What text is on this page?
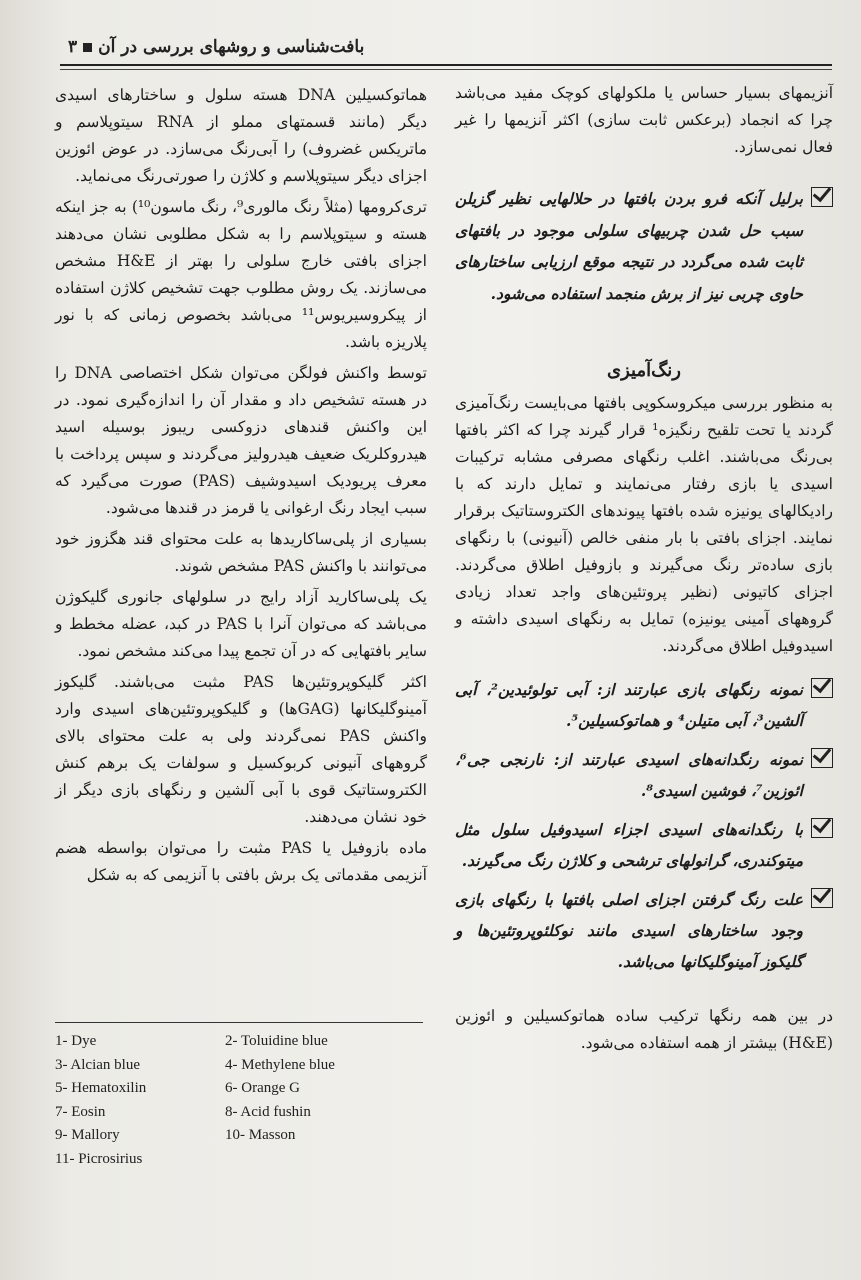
بافت‌شناسی و روشهای بررسی در آن
۳

آنزیمهای بسیار حساس یا ملکولهای کوچک مفید می‌باشد چرا که انجماد (برعکس ثابت سازی) اکثر آنزیمها را غیر فعال نمی‌سازد.

برلیل آنکه فرو بردن بافتها در حلالهایی نظیر گزیلن سبب حل شدن چربیهای سلولی موجود در بافتهای ثابت شده می‌گردد در نتیجه موقع ارزیابی ساختارهای حاوی چربی نیز از برش منجمد استفاده می‌شود.
رنگ‌آمیزی

به منظور بررسی میکروسکوپی بافتها می‌بایست رنگ‌آمیزی گردند یا تحت تلقیح رنگیزه¹ قرار گیرند چرا که اکثر بافتها بی‌رنگ می‌باشند. اغلب رنگهای مصرفی مشابه ترکیبات اسیدی یا بازی رفتار می‌نمایند و تمایل دارند که با رادیکالهای یونیزه شده بافتها پیوندهای الکتروستاتیک برقرار نمایند. اجزای بافتی با بار منفی خالص (آنیونی) با رنگهای بازی ساده‌تر رنگ می‌گیرند و بازوفیل اطلاق می‌گردند. اجزای کاتیونی (نظیر پروتئین‌های واجد تعداد زیادی گروههای آمینی یونیزه) تمایل به رنگهای اسیدی داشته و اسیدوفیل اطلاق می‌گردند.

نمونه رنگهای بازی عبارتند از: آبی تولوئیدین²، آبی آلشین³، آبی متیلن⁴ و هماتوکسیلین⁵.
نمونه رنگدانه‌های اسیدی عبارتند از: نارنجی جی⁶، ائوزین⁷، فوشین اسیدی⁸.
با رنگدانه‌های اسیدی اجزاء اسیدوفیل سلول مثل میتوکندری، گرانولهای ترشحی و کلاژن رنگ می‌گیرند.
علت رنگ گرفتن اجزای اصلی بافتها با رنگهای بازی وجود ساختارهای اسیدی مانند نوکلئوپروتئین‌ها و گلیکوز آمینوگلیکانها می‌باشد.

در بین همه رنگها ترکیب ساده هماتوکسیلین و ائوزین (H&E) بیشتر از همه استفاده می‌شود.

هماتوکسیلین DNA هسته سلول و ساختارهای اسیدی دیگر (مانند قسمتهای مملو از RNA سیتوپلاسم و ماتریکس غضروف) را آبی‌رنگ می‌سازد. در عوض ائوزین اجزای دیگر سیتوپلاسم و کلاژن را صورتی‌رنگ می‌نماید.

تری‌کرومها (مثلاً رنگ مالوری⁹، رنگ ماسون¹⁰) به جز اینکه هسته و سیتوپلاسم را به شکل مطلوبی نشان می‌دهند اجزای بافتی خارج سلولی را بهتر از H&E مشخص می‌سازند. یک روش مطلوب جهت تشخیص کلاژن استفاده از پیکروسیریوس¹¹ می‌باشد بخصوص زمانی که با نور پلاریزه باشد.

توسط واکنش فولگن می‌توان شکل اختصاصی DNA را در هسته تشخیص داد و مقدار آن را اندازه‌گیری نمود. در این واکنش قندهای دزوکسی ریبوز بوسیله اسید هیدروکلریک ضعیف هیدرولیز می‌گردند و سپس پرداخت با معرف پریودیک اسیدوشیف (PAS) صورت می‌گیرد که سبب ایجاد رنگ ارغوانی یا قرمز در قندها می‌شود.

بسیاری از پلی‌ساکاریدها به علت محتوای قند هگزوز خود می‌توانند با واکنش PAS مشخص شوند.

یک پلی‌ساکارید آزاد رایج در سلولهای جانوری گلیکوژن می‌باشد که می‌توان آنرا با PAS در کبد، عضله مخطط و سایر بافتهایی که در آن تجمع پیدا می‌کند مشخص نمود.

اکثر گلیکوپروتئین‌ها PAS مثبت می‌باشند. گلیکوز آمینوگلیکانها (GAGها) و گلیکوپروتئین‌های اسیدی وارد واکنش PAS نمی‌گردند ولی به علت محتوای بالای گروههای آنیونی کربوکسیل و سولفات یک برهم کنش الکتروستاتیک قوی با آبی آلشین و رنگهای بازی دیگر از خود نشان می‌دهند.

ماده بازوفیل یا PAS مثبت را می‌توان بواسطه هضم آنزیمی مقدماتی یک برش بافتی با آنزیمی که به شکل

1- Dye	2- Toluidine blue
3- Alcian blue	4- Methylene blue
5- Hematoxilin	6- Orange G
7- Eosin	8- Acid fushin
9- Mallory	10- Masson
11- Picrosirius
